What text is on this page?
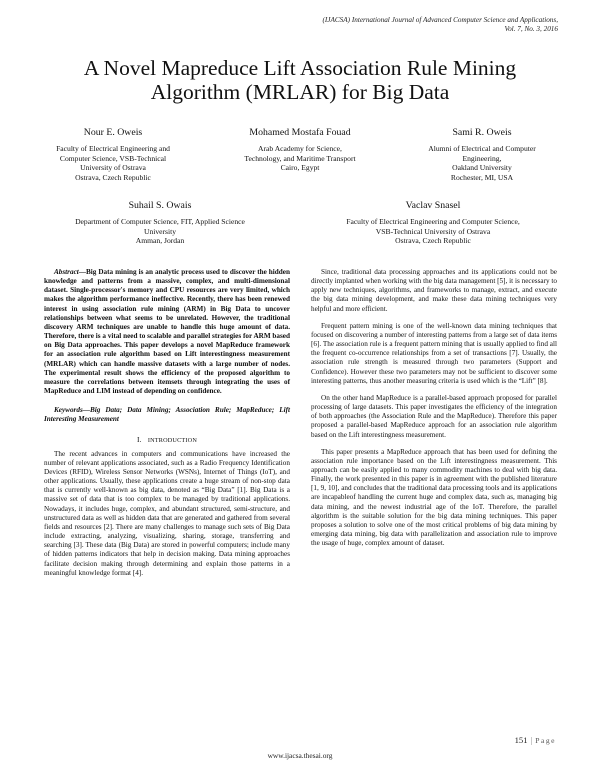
(IJACSA) International Journal of Advanced Computer Science and Applications,
Vol. 7, No. 3, 2016
A Novel Mapreduce Lift Association Rule Mining
Algorithm (MRLAR) for Big Data
Nour E. Oweis
Faculty of Electrical Engineering and
Computer Science, VSB-Technical
University of Ostrava
Ostrava, Czech Republic
Mohamed Mostafa Fouad
Arab Academy for Science,
Technology, and Maritime Transport
Cairo, Egypt
Sami R. Oweis
Alumni of Electrical and Computer
Engineering,
Oakland University
Rochester, MI, USA
Suhail S. Owais
Department of Computer Science, FIT, Applied Science
University
Amman, Jordan
Vaclav Snasel
Faculty of Electrical Engineering and Computer Science,
VSB-Technical University of Ostrava
Ostrava, Czech Republic

Abstract—Big Data mining is an analytic process used to discover the hidden knowledge and patterns from a massive, complex, and multi-dimensional dataset. Single-processor's memory and CPU resources are very limited, which makes the algorithm performance ineffective. Recently, there has been renewed interest in using association rule mining (ARM) in Big Data to uncover relationships between what seems to be unrelated. However, the traditional discovery ARM techniques are unable to handle this huge amount of data. Therefore, there is a vital need to scalable and parallel strategies for ARM based on Big Data approaches. This paper develops a novel MapReduce framework for an association rule algorithm based on Lift interestingness measurement (MRLAR) which can handle massive datasets with a large number of nodes. The experimental result shows the efficiency of the proposed algorithm to measure the correlations between itemsets through integrating the uses of MapReduce and LIM instead of depending on confidence.

Keywords—Big Data; Data Mining; Association Rule; MapReduce; Lift Interesting Measurement

I. INTRODUCTION

The recent advances in computers and communications have increased the number of relevant applications associated, such as a Radio Frequency Identification Devices (RFID), Wireless Sensor Networks (WSNs), Internet of Things (IoT), and other applications. Usually, these applications create a huge stream of non-stop data that is currently well-known as big data, denoted as “Big Data” [1]. Big Data is a massive set of data that is too complex to be managed by traditional applications. Nowadays, it includes huge, complex, and abundant structured, semi-structure, and unstructured data as well as hidden data that are generated and gathered from several fields and resources [2]. There are many challenges to manage such sets of Big Data include extracting, analyzing, visualizing, sharing, storage, transferring and searching [3]. These data (Big Data) are stored in powerful computers; include many of hidden patterns indicators that help in decision making. Data mining approaches facilitate decision making through determining and explain those patterns in a meaningful knowledge format [4].

Since, traditional data processing approaches and its applications could not be directly implanted when working with the big data management [5], it is necessary to apply new techniques, algorithms, and frameworks to manage, extract, and execute the big data mining development, and make these data mining techniques very helpful and more efficient.

Frequent pattern mining is one of the well-known data mining techniques that focused on discovering a number of interesting patterns from a large set of data items [6]. The association rule is a frequent pattern mining that is usually applied to find all the frequent co-occurrence relationships from a set of transactions [7]. Usually, the association rule strength is measured through two parameters (Support and Confidence). However these two parameters may not be sufficient to discover some interesting patterns, thus another measuring criteria is used which is the “Lift” [8].

On the other hand MapReduce is a parallel-based approach proposed for parallel processing of large datasets. This paper investigates the efficiency of the integration of both approaches (the Association Rule and the MapReduce). Therefore this paper proposed a parallel-based MapReduce approach for an association rule algorithm based on the Lift interestingness measurement.

This paper presents a MapReduce approach that has been used for defining the association rule importance based on the Lift interestingness measurement. This approach can be easily applied to many commodity machines to deal with big data. Finally, the work presented in this paper is in agreement with the published literature [1, 9, 10], and concludes that the traditional data processing tools and its applications are incapableof handling the current huge and complex data, such as, managing big data mining, and the newest industrial age of the IoT. Therefore, the parallel algorithm is the suitable solution for the big data mining techniques. This paper proposes a solution to solve one of the most critical problems of big data mining by emerging data mining, big data with parallelization and association rule to improve the usage of huge, complex amount of dataset.

151 | Page
www.ijacsa.thesai.org
